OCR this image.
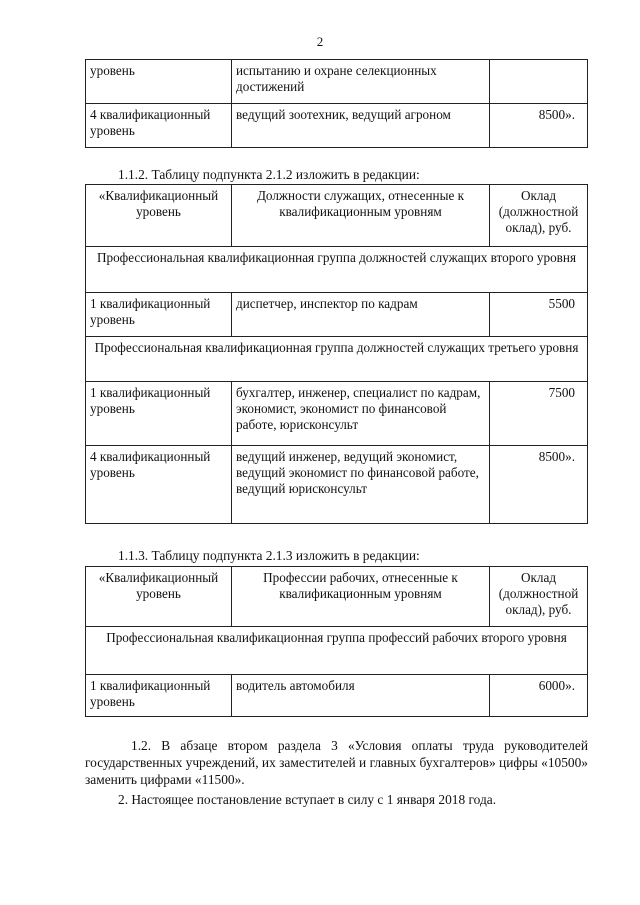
2
уровень	испытанию и охране селекционных достижений	
4 квалификационный уровень	ведущий зоотехник, ведущий агроном	8500».
1.1.2. Таблицу подпункта 2.1.2 изложить в редакции:
«Квалификационный уровень	Должности служащих, отнесенные к квалификационным уровням	Оклад (должностной оклад), руб.
Профессиональная квалификационная группа должностей служащих второго уровня		
1 квалификационный уровень	диспетчер, инспектор по кадрам	5500
Профессиональная квалификационная группа должностей служащих третьего уровня		
1 квалификационный уровень	бухгалтер, инженер, специалист по кадрам, экономист, экономист по финансовой работе, юрисконсульт	7500
4 квалификационный уровень	ведущий инженер, ведущий экономист, ведущий экономист по финансовой работе, ведущий юрисконсульт	8500».
1.1.3. Таблицу подпункта 2.1.3 изложить в редакции:
«Квалификационный уровень	Профессии рабочих, отнесенные к квалификационным уровням	Оклад (должностной оклад), руб.
Профессиональная квалификационная группа профессий рабочих второго уровня		
1 квалификационный уровень	водитель автомобиля	6000».
1.2. В абзаце втором раздела 3 «Условия оплаты труда руководителей государственных учреждений, их заместителей и главных бухгалтеров» цифры «10500» заменить цифрами «11500».
2. Настоящее постановление вступает в силу с 1 января 2018 года.
